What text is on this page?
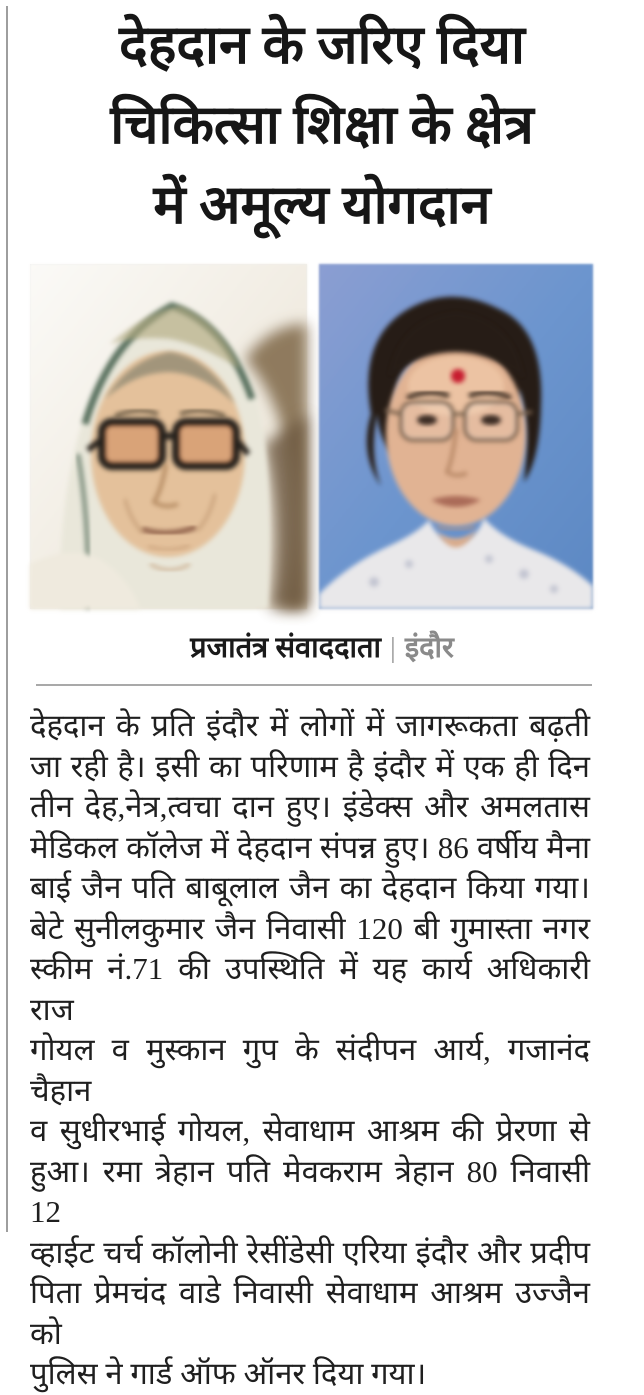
देहदान के जरिए दिया
चिकित्सा शिक्षा के क्षेत्र
में अमूल्य योगदान
प्रजातंत्र संवाददाता | इंदौर
देहदान के प्रति इंदौर में लोगों में जागरूकता बढ़ती
जा रही है। इसी का परिणाम है इंदौर में एक ही दिन
तीन देह,नेत्र,त्वचा दान हुए। इंडेक्स और अमलतास
मेडिकल कॉलेज में देहदान संपन्न हुए। 86 वर्षीय मैना
बाई जैन पति बाबूलाल जैन का देहदान किया गया।
बेटे सुनीलकुमार जैन निवासी 120 बी गुमास्ता नगर
स्कीम नं.71 की उपस्थिति में यह कार्य अधिकारी राज
गोयल व मुस्कान गुप के संदीपन आर्य, गजानंद चैहान
व सुधीरभाई गोयल, सेवाधाम आश्रम की प्रेरणा से
हुआ। रमा त्रेहान पति मेवकराम त्रेहान 80 निवासी 12
व्हाईट चर्च कॉलोनी रेसींडेसी एरिया इंदौर और प्रदीप
पिता प्रेमचंद वाडे निवासी सेवाधाम आश्रम उज्जैन को
पुलिस ने गार्ड ऑफ ऑनर दिया गया।
